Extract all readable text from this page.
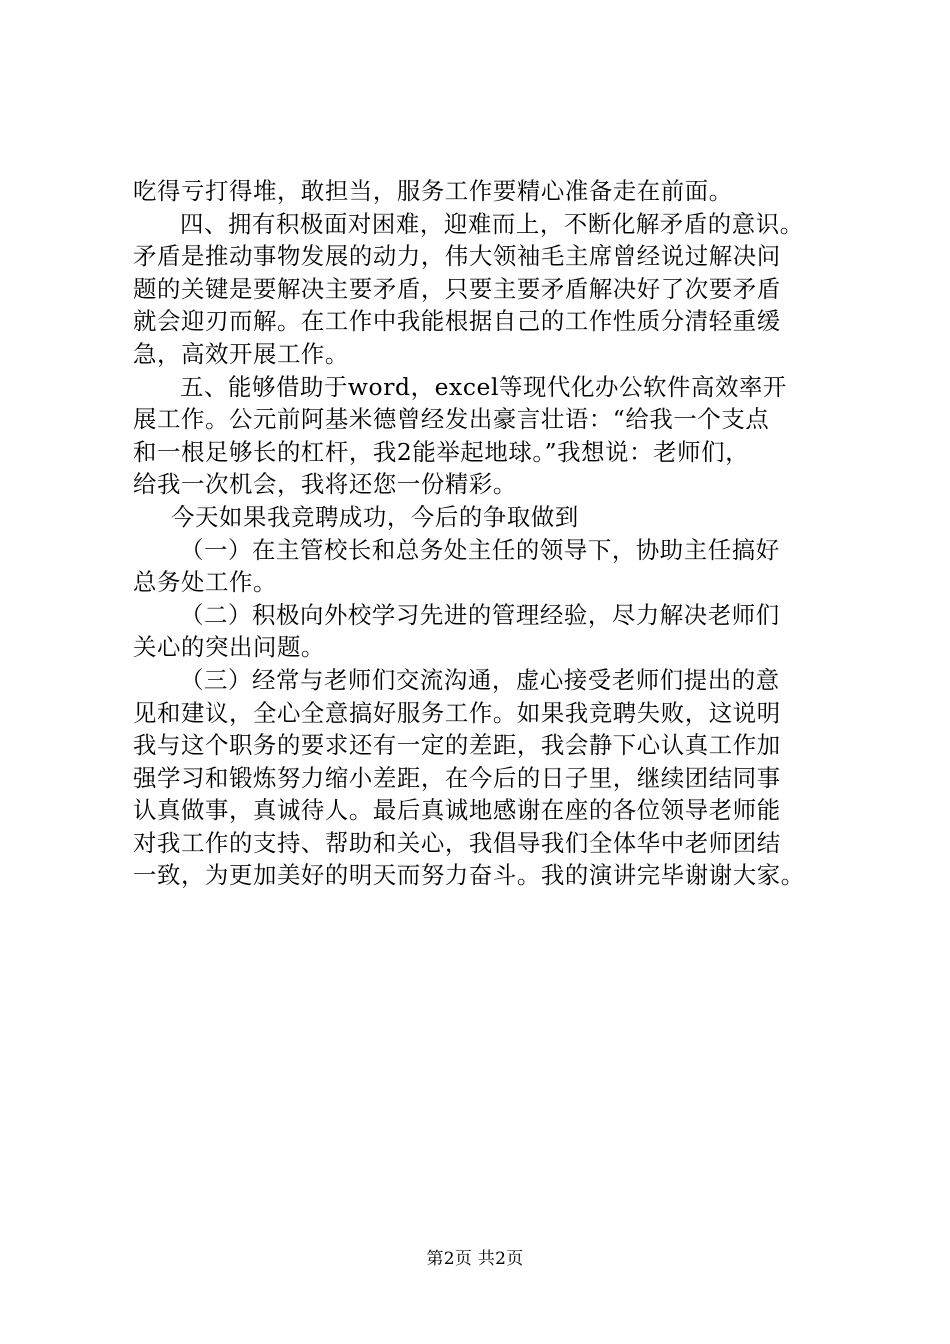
吃得亏打得堆，敢担当，服务工作要精心准备走在前面。
四、拥有积极面对困难，迎难而上，不断化解矛盾的意识。
矛盾是推动事物发展的动力，伟大领袖毛主席曾经说过解决问
题的关键是要解决主要矛盾，只要主要矛盾解决好了次要矛盾
就会迎刃而解。在工作中我能根据自己的工作性质分清轻重缓
急，高效开展工作。
五、能够借助于word，excel等现代化办公软件高效率开
展工作。公元前阿基米德曾经发出豪言壮语：“给我一个支点
和一根足够长的杠杆，我2能举起地球。”我想说：老师们，
给我一次机会，我将还您一份精彩。
今天如果我竞聘成功，今后的争取做到
（一）在主管校长和总务处主任的领导下，协助主任搞好
总务处工作。
（二）积极向外校学习先进的管理经验，尽力解决老师们
关心的突出问题。
（三）经常与老师们交流沟通，虚心接受老师们提出的意
见和建议，全心全意搞好服务工作。如果我竞聘失败，这说明
我与这个职务的要求还有一定的差距，我会静下心认真工作加
强学习和锻炼努力缩小差距，在今后的日子里，继续团结同事
认真做事，真诚待人。最后真诚地感谢在座的各位领导老师能
对我工作的支持、帮助和关心，我倡导我们全体华中老师团结
一致，为更加美好的明天而努力奋斗。我的演讲完毕谢谢大家。
第2页 共2页
